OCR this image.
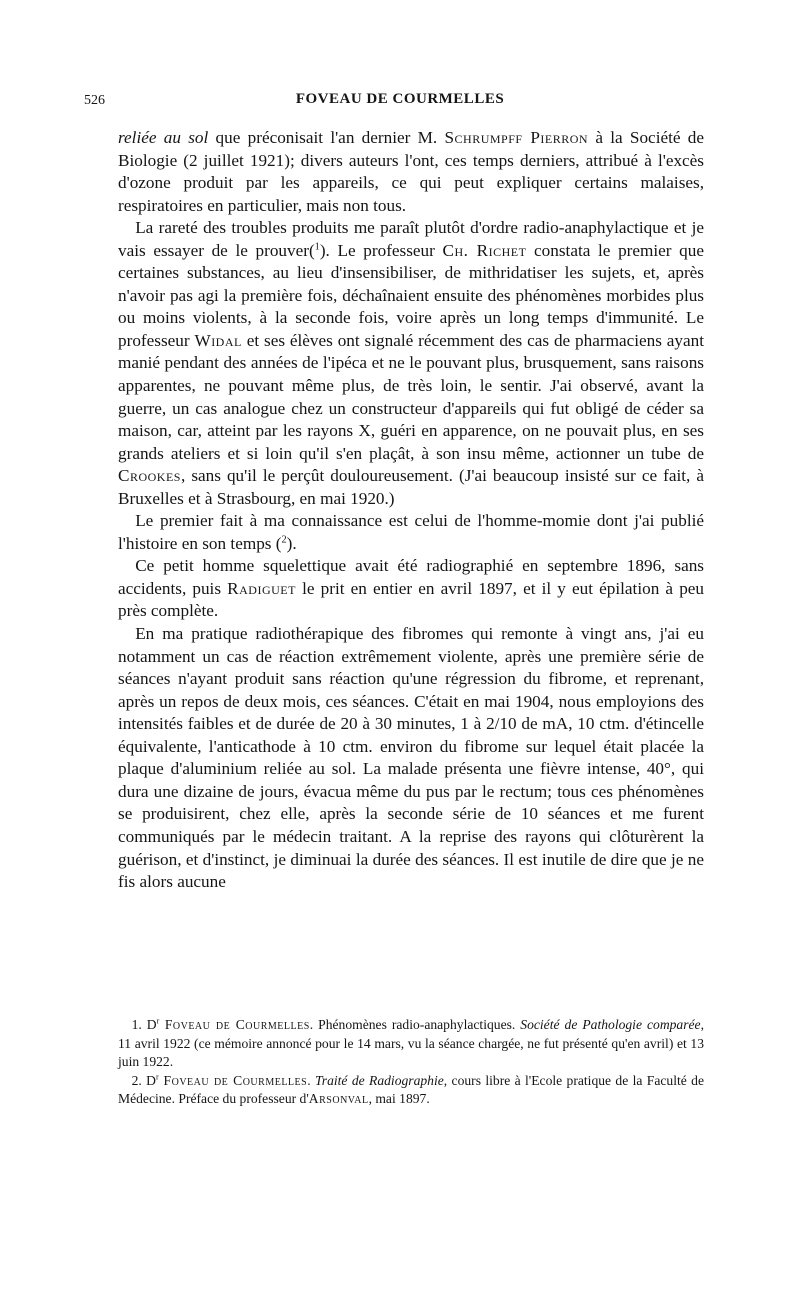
526	FOVEAU DE COURMELLES

reliée au sol que préconisait l'an dernier M. Schrumpff Pierron à la Société de Biologie (2 juillet 1921); divers auteurs l'ont, ces temps derniers, attribué à l'excès d'ozone produit par les appareils, ce qui peut expliquer certains malaises, respiratoires en particulier, mais non tous.

 La rareté des troubles produits me paraît plutôt d'ordre radio-anaphylactique et je vais essayer de le prouver($^1$). Le professeur Ch. Richet constata le premier que certaines substances, au lieu d'insensibiliser, de mithridatiser les sujets, et, après n'avoir pas agi la première fois, déchaînaient ensuite des phénomènes morbides plus ou moins violents, à la seconde fois, voire après un long temps d'immunité. Le professeur Widal et ses élèves ont signalé récemment des cas de pharmaciens ayant manié pendant des années de l'ipéca et ne le pouvant plus, brusquement, sans raisons apparentes, ne pouvant même plus, de très loin, le sentir. J'ai observé, avant la guerre, un cas analogue chez un constructeur d'appareils qui fut obligé de céder sa maison, car, atteint par les rayons X, guéri en apparence, on ne pouvait plus, en ses grands ateliers et si loin qu'il s'en plaçât, à son insu même, actionner un tube de Crookes, sans qu'il le perçût douloureusement. (J'ai beaucoup insisté sur ce fait, à Bruxelles et à Strasbourg, en mai 1920.)

 Le premier fait à ma connaissance est celui de l'homme-momie dont j'ai publié l'histoire en son temps ($^2$).

 Ce petit homme squelettique avait été radiographié en septembre 1896, sans accidents, puis Radiguet le prit en entier en avril 1897, et il y eut épilation à peu près complète.

 En ma pratique radiothérapique des fibromes qui remonte à vingt ans, j'ai eu notamment un cas de réaction extrêmement violente, après une première série de séances n'ayant produit sans réaction qu'une régression du fibrome, et reprenant, après un repos de deux mois, ces séances. C'était en mai 1904, nous employions des intensités faibles et de durée de 20 à 30 minutes, 1 à 2/10 de mA, 10 ctm. d'étincelle équivalente, l'anticathode à 10 ctm. environ du fibrome sur lequel était placée la plaque d'aluminium reliée au sol. La malade présenta une fièvre intense, 40°, qui dura une dizaine de jours, évacua même du pus par le rectum; tous ces phénomènes se produisirent, chez elle, après la seconde série de 10 séances et me furent communiqués par le médecin traitant. A la reprise des rayons qui clôturèrent la guérison, et d'instinct, je diminuai la durée des séances. Il est inutile de dire que je ne fis alors aucune

 1. $D^r$ Foveau de Courmelles. Phénomènes radio-anaphylactiques. Société de Pathologie comparée, 11 avril 1922 (ce mémoire annoncé pour le 14 mars, vu la séance chargée, ne fut présenté qu'en avril) et 13 juin 1922.

 2. $D^r$ Foveau de Courmelles. Traité de Radiographie, cours libre à l'Ecole pratique de la Faculté de Médecine. Préface du professeur d'Arsonval, mai 1897.
